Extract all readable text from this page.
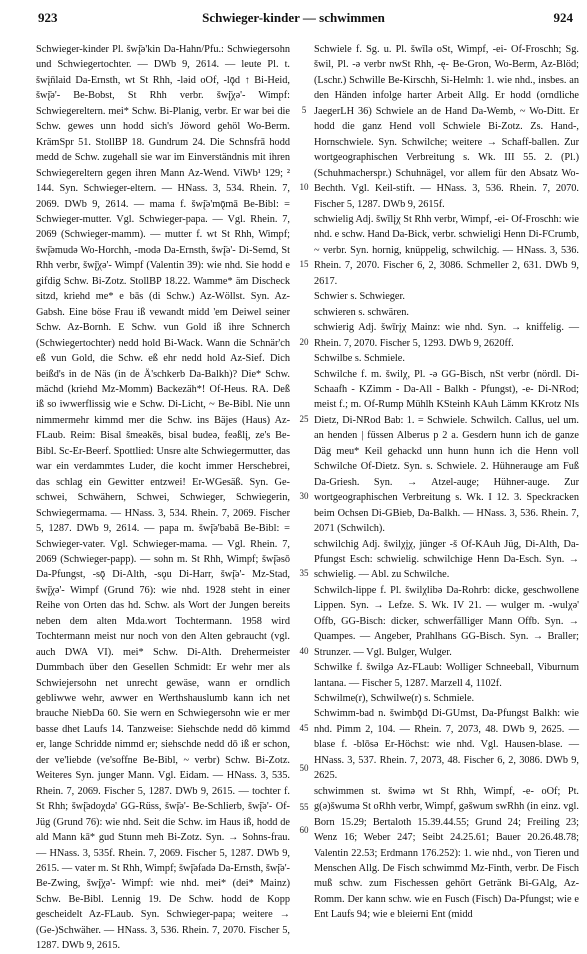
923	Schwieger-kinder — schwimmen	924

Schwieger-kinder Pl. šwį̄ə'kin Da-Hahn/Pfu.: Schwiegersohn und Schwiegertochter. — DWb 9, 2614. — leute Pl. t. šwįn̄laid Da-Ernsth, wt St Rhh, -ləid oOf, -lǭd ↑ Bi-Heid, šwį̄ə'- Be-Bobst, St Rhh verbr. šwį̄χə'- Wimpf: Schwiegereltern. mei* Schw. Bi-Planig, verbr. Er war bei die Schw. gewes unn hodd sich's Jöword gehöl Wo-Berm. KrämSpr 51. StollBP 18. Gundrum 24. Die Schnsfrā hodd medd de Schw. zugehall sie war im Einverständnis mit ihren Schwiegereltern gegen ihren Mann Az-Wend. ViWb¹ 129; ² 144. Syn. Schwieger-eltern. — HNass. 3, 534. Rhein. 7, 2069. DWb 9, 2614. — mama f. šwį̄ə'mǭmā Be-Bibl: = Schwieger-mutter. Vgl. Schwieger-papa. — Vgl. Rhein. 7, 2069 (Schwieger-mamm). — mutter f. wt St Rhh, Wimpf; šwį̄əmudə Wo-Horchh, -modə Da-Ernsth, šwį̄ə'- Di-Semd, St Rhh verbr, šwį̄χə'- Wimpf (Valentin 39): wie nhd. Sie hodd e gifdig Schw. Bi-Zotz. StollBP 18.22. Wamme* äm Discheck sitzd, kriehd me* e bās (di Schw.) Az-Wöllst. Syn. Az-Gabsh. Eine böse Frau iß vewandt midd 'em Deiwel seiner Schw. Az-Bornh. E Schw. vun Gold iß ihre Schnerch (Schwiegertochter) nedd hold Bi-Wack. Wann die Schnär'ch eß vun Gold, die Schw. eß ehr nedd hold Az-Sief. Dich beißd's in de Näs (in de Ä'schkerb Da-Balkh)? Die* Schw. mächd (kriehd Mz-Momm) Backezäh*! Of-Heus. RA. Deß iß so iwwerflissig wie e Schw. Di-Licht, ~ Be-Bibl. Nie unn nimmermehr kimmd mer die Schw. ins Bäjes (Haus) Az-FLaub. Reim: Bisal šmeəkēs, bisal budeə, feəßlį, ze's Be-Bibl. Sc-Er-Beerf. Spottlied: Unsre alte Schwiegermutter, das war ein verdammtes Luder, die kocht immer Herschebrei, das schlag ein Gewitter entzwei! Er-WGesäß. Syn. Ge-schwei, Schwähern, Schwei, Schwieger, Schwiegerin, Schwiegermama. — HNass. 3, 534. Rhein. 7, 2069. Fischer 5, 1287. DWb 9, 2614. — papa m. šwį̄ə'babā Be-Bibl: = Schwieger-vater. Vgl. Schwieger-mama. — Vgl. Rhein. 7, 2069 (Schwieger-papp). — sohn m. St Rhh, Wimpf; šwį̄əsō Da-Pfungst, -sǭ Di-Alth, -sǫu Di-Harr, šwį̄ə'- Mz-Stad, šwį̄χə'- Wimpf (Grund 76): wie nhd. 1928 steht in einer Reihe von Orten das hd. Schw. als Wort der Jungen bereits neben dem alten Mda.wort Tochtermann. 1958 wird Tochtermann meist nur noch von den Alten gebraucht (vgl. auch DWA VI). mei* Schw. Di-Alth. Drehermeister Dummbach über den Gesellen Schmidt: Er wehr mer als Schwiejersohn net unrecht gewäse, wann er orndlich gebliwwe wehr, awwer en Werthshauslumb kann ich net brauche NiebDa 60. Sie wern en Schwiegersohn wie er mer basse dhet Laufs 14. Tanzweise: Siehschde nedd dō kimmd er, lange Schridde nimmd er; siehschde nedd dō iß er schon, der ve'liebde (ve'soffne Be-Bibl, ~ verbr) Schw. Bi-Zotz. Weiteres Syn. junger Mann. Vgl. Eidam. — HNass. 3, 535. Rhein. 7, 2069. Fischer 5, 1287. DWb 9, 2615. — tochter f. St Rhh; šwį̄ədoχdə' GG-Rüss, šwį̄ə'- Be-Schlierb, šwį̄ə'- Of-Jüg (Grund 76): wie nhd. Seit die Schw. im Haus iß, hodd de ald Mann kā* gud Stunn meh Bi-Zotz. Syn. → Sohns-frau. — HNass. 3, 535f. Rhein. 7, 2069. Fischer 5, 1287. DWb 9, 2615. — vater m. St Rhh, Wimpf; šwį̄əfadə Da-Ernsth, šwį̄ə'- Be-Zwing, šwį̄χə'- Wimpf: wie nhd. mei* (dei* Mainz) Schw. Be-Bibl. Lennig 19. De Schw. hodd de Kopp gescheidelt Az-FLaub. Syn. Schwieger-papa; weitere → (Ge-)Schwäher. — HNass. 3, 536. Rhein. 7, 2070. Fischer 5, 1287. DWb 9, 2615.

5
10
15
20
25
30
35
40
45
50
55
60

Schwiele f. Sg. u. Pl. šwīlə oSt, Wimpf, -ei- Of-Froschh; Sg. šwil, Pl. -ə verbr nwSt Rhh, -ę- Be-Gron, Wo-Berm, Az-Blöd; (Lschr.) Schwille Be-Kirschh, Si-Helmh: 1. wie nhd., insbes. an den Händen infolge harter Arbeit Allg. Er hodd (orndliche JaegerLH 36) Schwiele an de Hand Da-Wemb, ~ Wo-Ditt. Er hodd die ganz Hend voll Schwiele Bi-Zotz. Zs. Hand-, Hornschwiele. Syn. Schwilche; weitere → Schaff-ballen. Zur wortgeographischen Verbreitung s. Wk. III 55. 2. (Pl.) (Schuhmacherspr.) Schuhnägel, vor allem für den Absatz Wo-Bechth. Vgl. Keil-stift. — HNass. 3, 536. Rhein. 7, 2070. Fischer 5, 1287. DWb 9, 2615f.

schwielig Adj. šwīlįχ St Rhh verbr, Wimpf, -ei- Of-Froschh: wie nhd. e schw. Hand Da-Bick, verbr. schwieligi Henn Di-FCrumb, ~ verbr. Syn. hornig, knüppelig, schwilchig. — HNass. 3, 536. Rhein. 7, 2070. Fischer 6, 2, 3086. Schmeller 2, 631. DWb 9, 2617.

Schwier s. Schwieger.

schwieren s. schwären.

schwierig Adj. šwīrįχ Mainz: wie nhd. Syn. → kniffelig. — Rhein. 7, 2070. Fischer 5, 1293. DWb 9, 2620ff.

Schwilbe s. Schmiele.

Schwilche f. m. šwilχ, Pl. -ə GG-Bisch, nSt verbr (nördl. Di-Schaafh - KZimm - Da-All - Balkh - Pfungst), -e- Di-NRod; meist f.; m. Of-Rump Mühlh KSteinh KAuh Lämm KKrotz NIs Dietz, Di-NRod Bab: 1. = Schwiele. Schwilch. Callus, uel um. an henden | füssen Alberus p 2 a. Gesdern hunn ich de ganze Däg meu* Keil gehackd unn hunn hunn ich die Henn voll Schwilche Of-Dietz. Syn. s. Schwiele. 2. Hühneraugе am Fuß Da-Griesh. Syn. → Atzel-auge; Hühner-auge. Zur wortgeographischen Verbreitung s. Wk. I 12. 3. Speckracken beim Ochsen Di-GBieb, Da-Balkh. — HNass. 3, 536. Rhein. 7, 2071 (Schwilch).

schwilchig Adj. šwilχįχ, jünger -š Of-KAuh Jüg, Di-Alth, Da-Pfungst Esch: schwielig. schwilchige Henn Da-Esch. Syn. → schwielig. — Abl. zu Schwilche.

Schwilch-lippe f. Pl. šwilχlibə Da-Rohrb: dicke, geschwollene Lippen. Syn. → Lefze. S. Wk. IV 21. — wulger m. -wulχə' Offb, GG-Bisch: dicker, schwerfälliger Mann Offb. Syn. → Quampes. — Angeber, Prahlhans GG-Bisch. Syn. → Braller; Strunzer. — Vgl. Bulger, Wulger.

Schwilke f. šwilgə Az-FLaub: Wolliger Schneeball, Viburnum lantana. — Fischer 5, 1287. Marzell 4, 1102f.

Schwilme(r), Schwilwe(r) s. Schmiele.

Schwimm-bad n. šwimbǭd Di-GUmst, Da-Pfungst Balkh: wie nhd. Pimm 2, 104. — Rhein. 7, 2073, 48. DWb 9, 2625. — blase f. -blōsə Er-Höchst: wie nhd. Vgl. Hausen-blase. — HNass. 3, 537. Rhein. 7, 2073, 48. Fischer 6, 2, 3086. DWb 9, 2625.

schwimmen st. šwimə wt St Rhh, Wimpf, -e- oOf; Pt. g(ə)šwumə St oRhh verbr, Wimpf, gəšwum swRhh (in einz. vgl. Born 15.29; Bertaloth 15.39.44.55; Grund 24; Freiling 23; Wenz 16; Weber 247; Seibt 24.25.61; Bauer 20.26.48.78; Valentin 22.53; Erdmann 176.252): 1. wie nhd., von Tieren und Menschen Allg. De Fisch schwimmd Mz-Finth, verbr. De Fisch muß schw. zum Fischessen gehört Getränk Bi-GAlg, Az-Romm. Der kann schw. wie en Fusch (Fisch) Da-Pfungst; wie e Ent Laufs 94; wie e bleierni Ent (midd
